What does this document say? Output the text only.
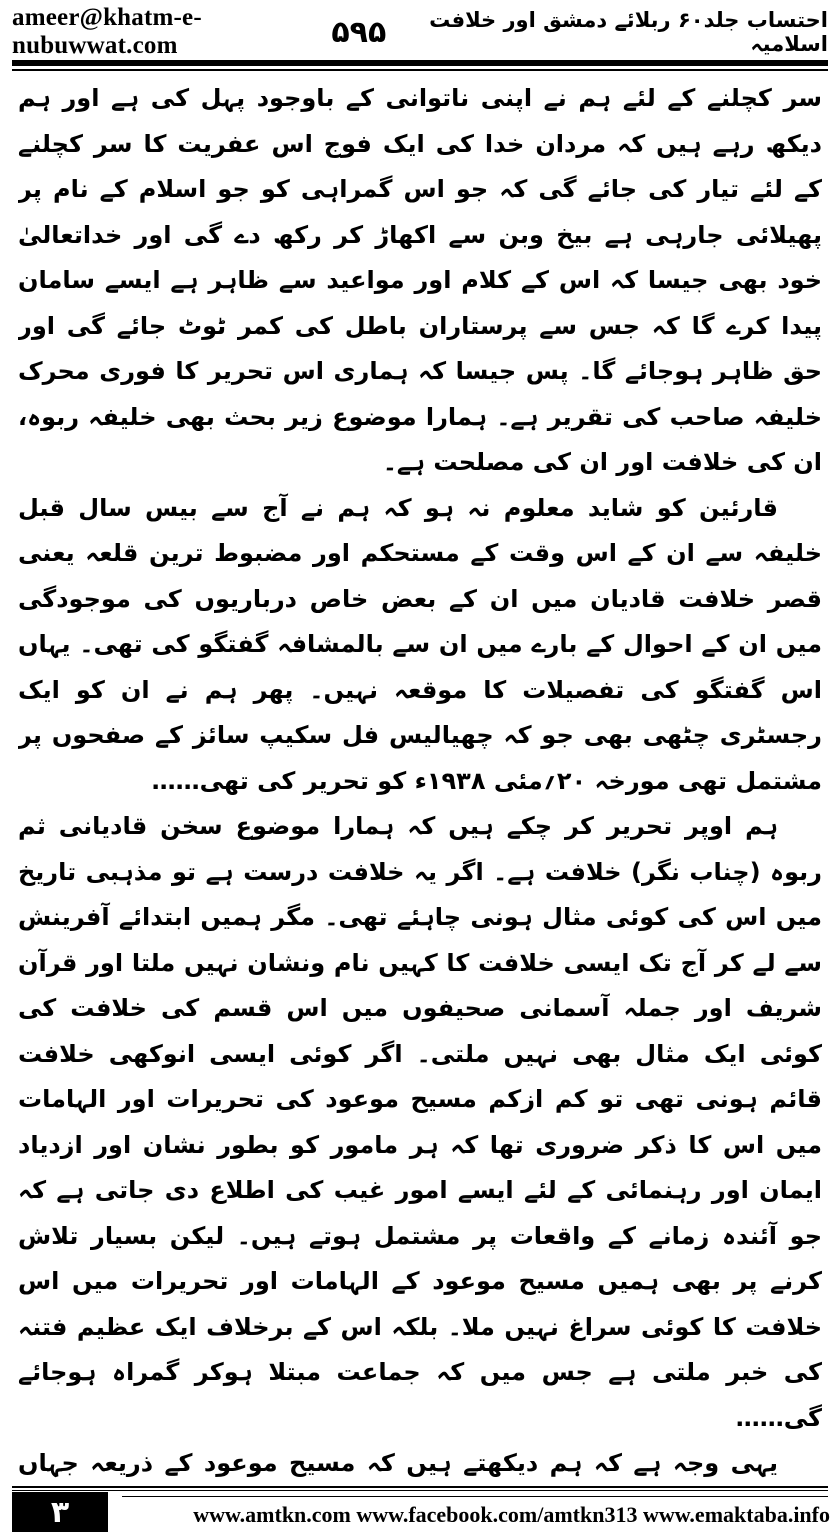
ameer@khatm-e-nubuwwat.com
احتساب جلد۶۰ ربلائے دمشق اور خلافت اسلامیہ
۵۹۵

سر کچلنے کے لئے ہم نے اپنی ناتوانی کے باوجود پہل کی ہے اور ہم دیکھ رہے ہیں کہ مردان خدا کی ایک فوج اس عفریت کا سر کچلنے کے لئے تیار کی جائے گی کہ جو اس گمراہی کو جو اسلام کے نام پر پھیلائی جارہی ہے بیخ وبن سے اکھاڑ کر رکھ دے گی اور خداتعالیٰ خود بھی جیسا کہ اس کے کلام اور مواعید سے ظاہر ہے ایسے سامان پیدا کرے گا کہ جس سے پرستاران باطل کی کمر ٹوٹ جائے گی اور حق ظاہر ہوجائے گا۔ پس جیسا کہ ہماری اس تحریر کا فوری محرک خلیفہ صاحب کی تقریر ہے۔ ہمارا موضوع زیر بحث بھی خلیفہ ربوہ، ان کی خلافت اور ان کی مصلحت ہے۔

قارئین کو شاید معلوم نہ ہو کہ ہم نے آج سے بیس سال قبل خلیفہ سے ان کے اس وقت کے مستحکم اور مضبوط ترین قلعہ یعنی قصر خلافت قادیان میں ان کے بعض خاص درباریوں کی موجودگی میں ان کے احوال کے بارے میں ان سے بالمشافہ گفتگو کی تھی۔ یہاں اس گفتگو کی تفصیلات کا موقعہ نہیں۔ پھر ہم نے ان کو ایک رجسٹری چٹھی بھی جو کہ چھیالیس فل سکیپ سائز کے صفحوں پر مشتمل تھی مورخہ ۲۰؍مئی ۱۹۳۸ء کو تحریر کی تھی……

ہم اوپر تحریر کر چکے ہیں کہ ہمارا موضوع سخن قادیانی ثم ربوہ (چناب نگر) خلافت ہے۔ اگر یہ خلافت درست ہے تو مذہبی تاریخ میں اس کی کوئی مثال ہونی چاہئے تھی۔ مگر ہمیں ابتدائے آفرینش سے لے کر آج تک ایسی خلافت کا کہیں نام ونشان نہیں ملتا اور قرآن شریف اور جملہ آسمانی صحیفوں میں اس قسم کی خلافت کی کوئی ایک مثال بھی نہیں ملتی۔ اگر کوئی ایسی انوکھی خلافت قائم ہونی تھی تو کم ازکم مسیح موعود کی تحریرات اور الہامات میں اس کا ذکر ضروری تھا کہ ہر مامور کو بطور نشان اور ازدیاد ایمان اور رہنمائی کے لئے ایسے امور غیب کی اطلاع دی جاتی ہے کہ جو آئندہ زمانے کے واقعات پر مشتمل ہوتے ہیں۔ لیکن بسیار تلاش کرنے پر بھی ہمیں مسیح موعود کے الہامات اور تحریرات میں اس خلافت کا کوئی سراغ نہیں ملا۔ بلکہ اس کے برخلاف ایک عظیم فتنہ کی خبر ملتی ہے جس میں کہ جماعت مبتلا ہوکر گمراہ ہوجائے گی……

یہی وجہ ہے کہ ہم دیکھتے ہیں کہ مسیح موعود کے ذریعہ جہاں

۳	www.amtkn.com www.facebook.com/amtkn313 www.emaktaba.info
